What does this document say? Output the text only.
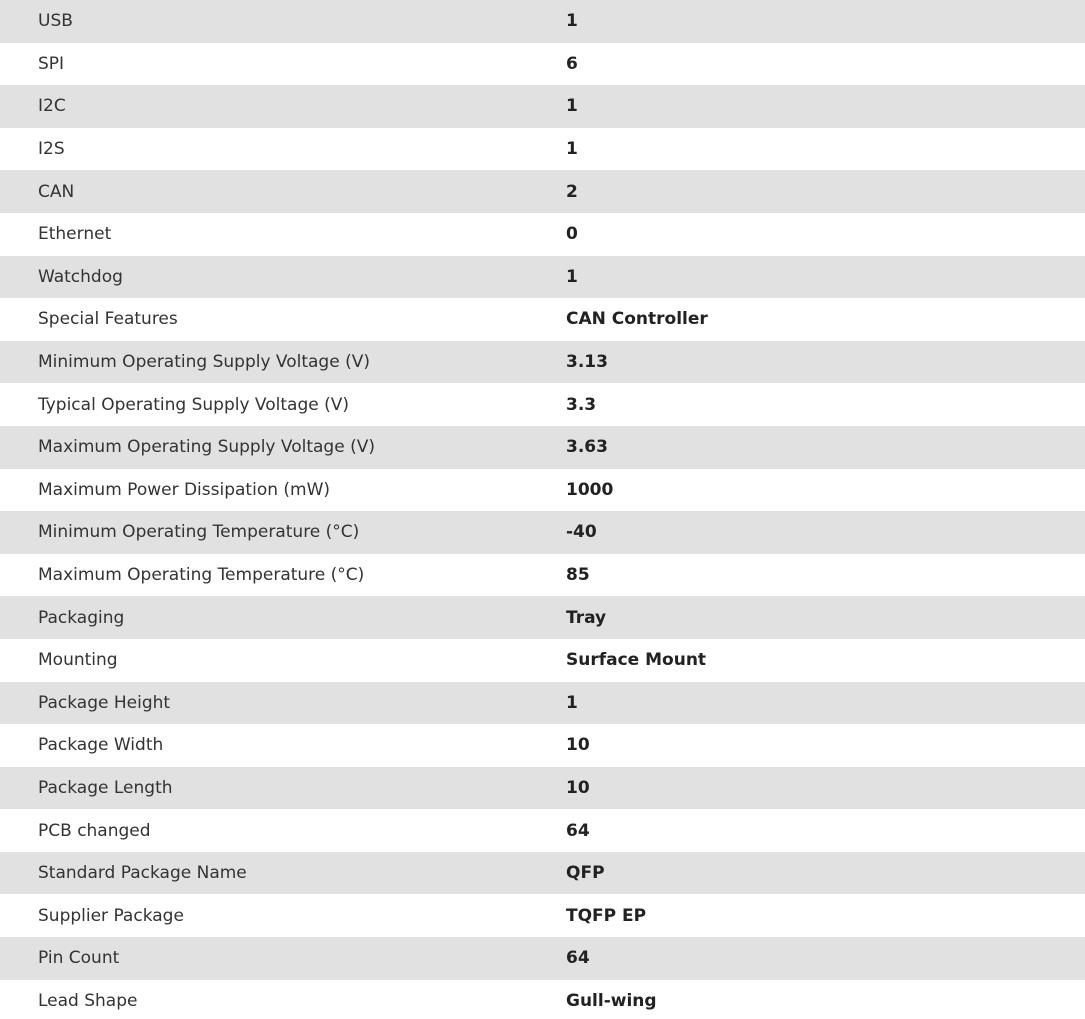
USB	1
SPI	6
I2C	1
I2S	1
CAN	2
Ethernet	0
Watchdog	1
Special Features	CAN Controller
Minimum Operating Supply Voltage (V)	3.13
Typical Operating Supply Voltage (V)	3.3
Maximum Operating Supply Voltage (V)	3.63
Maximum Power Dissipation (mW)	1000
Minimum Operating Temperature (°C)	-40
Maximum Operating Temperature (°C)	85
Packaging	Tray
Mounting	Surface Mount
Package Height	1
Package Width	10
Package Length	10
PCB changed	64
Standard Package Name	QFP
Supplier Package	TQFP EP
Pin Count	64
Lead Shape	Gull-wing
